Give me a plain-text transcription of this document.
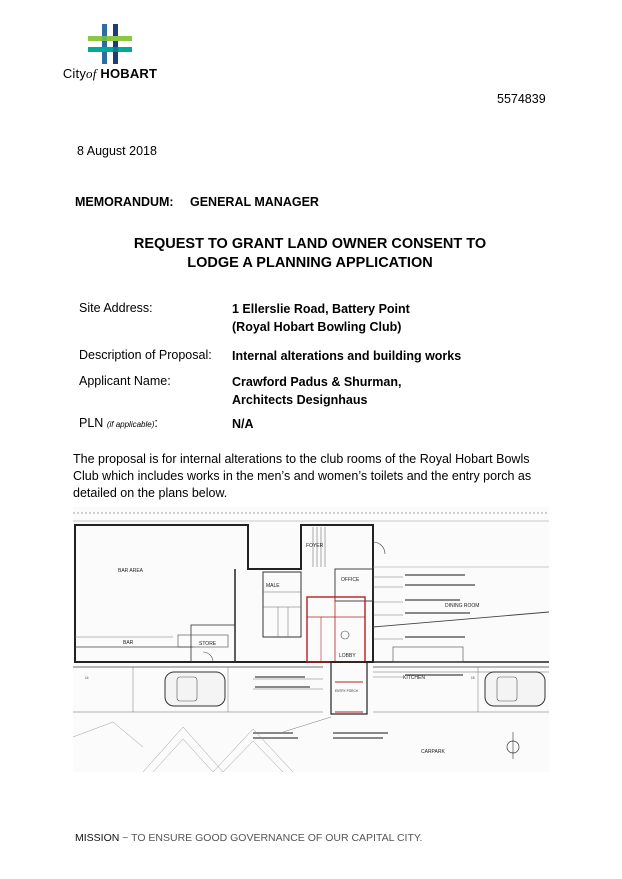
Cityof HOBART
5574839
8 August 2018
MEMORANDUM: GENERAL MANAGER
REQUEST TO GRANT LAND OWNER CONSENT TO
LODGE A PLANNING APPLICATION
Site Address:	1 Ellerslie Road, Battery Point
(Royal Hobart Bowling Club)
Description of Proposal: Internal alterations and building works
Applicant Name:	Crawford Padus & Shurman,
Architects Designhaus
PLN (if applicable):	N/A
The proposal is for internal alterations to the club rooms of the Royal Hobart Bowls Club which includes works in the men’s and women’s toilets and the entry porch as detailed on the plans below.
BAR AREA
BAR	STORE
FOYER
OFFICE
MALE
DINING ROOM
LOBBY
KITCHEN
ENTRY PORCH
CARPARK
14	15
MISSION ~ TO ENSURE GOOD GOVERNANCE OF OUR CAPITAL CITY.
